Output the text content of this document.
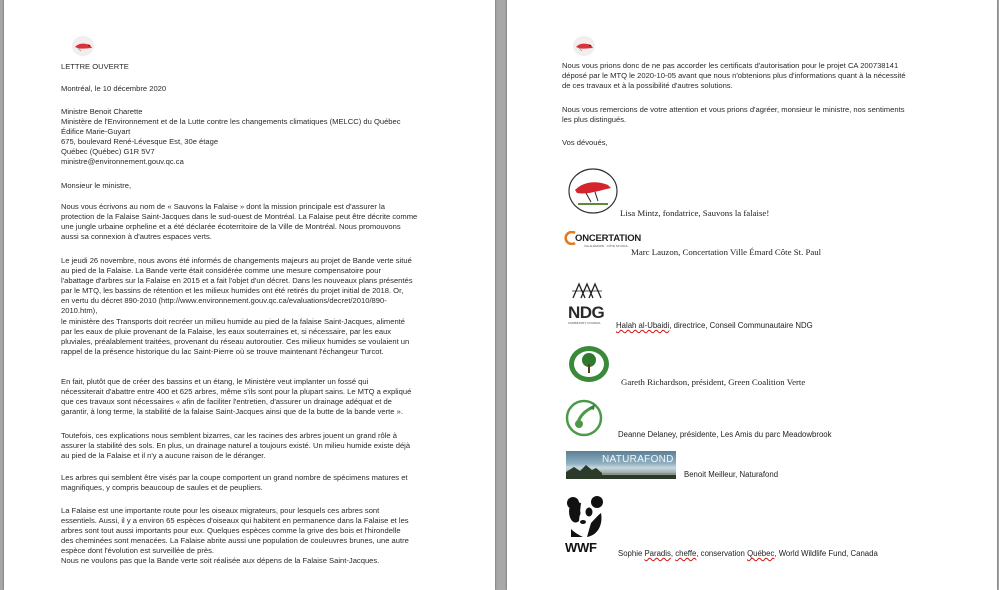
LETTRE OUVERTE
Montréal, le 10 décembre 2020
Ministre Benoit Charette
Ministère de l'Environnement et de la Lutte contre les changements climatiques (MELCC) du Québec
Édifice Marie-Guyart
675, boulevard René-Lévesque Est, 30e étage
Québec (Québec) G1R 5V7
ministre@environnement.gouv.qc.ca
Monsieur le ministre,
Nous vous écrivons au nom de « Sauvons la Falaise » dont la mission principale est d'assurer la
protection de la Falaise Saint-Jacques dans le sud-ouest de Montréal. La Falaise peut être décrite comme
une jungle urbaine orpheline et a été déclarée écoterritoire de la Ville de Montréal. Nous promouvons
aussi sa connexion à d'autres espaces verts.
Le jeudi 26 novembre, nous avons été informés de changements majeurs au projet de Bande verte situé
au pied de la Falaise. La Bande verte était considérée comme une mesure compensatoire pour
l'abattage d'arbres sur la Falaise en 2015 et a fait l'objet d'un décret. Dans les nouveaux plans présentés
par le MTQ, les bassins de rétention et les milieux humides ont été retirés du projet initial de 2018. Or,
en vertu du décret 890-2010 (http://www.environnement.gouv.qc.ca/evaluations/decret/2010/890-
2010.htm),
le ministère des Transports doit recréer un milieu humide au pied de la falaise Saint-Jacques, alimenté
par les eaux de pluie provenant de la Falaise, les eaux souterraines et, si nécessaire, par les eaux
pluviales, préalablement traitées, provenant du réseau autoroutier. Ces milieux humides se voulaient un
rappel de la présence historique du lac Saint-Pierre où se trouve maintenant l'échangeur Turcot.
En fait, plutôt que de créer des bassins et un étang, le Ministère veut implanter un fossé qui
nécessiterait d'abattre entre 400 et 625 arbres, même s'ils sont pour la plupart sains. Le MTQ a expliqué
que ces travaux sont nécessaires « afin de faciliter l'entretien, d'assurer un drainage adéquat et de
garantir, à long terme, la stabilité de la falaise Saint-Jacques ainsi que de la butte de la bande verte ».
Toutefois, ces explications nous semblent bizarres, car les racines des arbres jouent un grand rôle à
assurer la stabilité des sols. En plus, un drainage naturel a toujours existé. Un milieu humide existe déjà
au pied de la Falaise et il n'y a aucune raison de le déranger.
Les arbres qui semblent être visés par la coupe comportent un grand nombre de spécimens matures et
magnifiques, y compris beaucoup de saules et de peupliers.
La Falaise est une importante route pour les oiseaux migrateurs, pour lesquels ces arbres sont
essentiels. Aussi, il y a environ 65 espèces d'oiseaux qui habitent en permanence dans la Falaise et les
arbres sont tout aussi importants pour eux. Quelques espèces comme la grive des bois et l'hirondelle
des cheminées sont menacées. La Falaise abrite aussi une population de couleuvres brunes, une autre
espèce dont l'évolution est surveillée de près.
Nous ne voulons pas que la Bande verte soit réalisée aux dépens de la Falaise Saint-Jacques.
Nous vous prions donc de ne pas accorder les certificats d'autorisation pour le projet CA 200738141
déposé par le MTQ le 2020-10-05 avant que nous n'obtenions plus d'informations quant à la nécessité
de ces travaux et à la possibilité d'autres solutions.
Nous vous remercions de votre attention et vous prions d'agréer, monsieur le ministre, nos sentiments
les plus distingués.
Vos dévoués,
Lisa Mintz, fondatrice, Sauvons la falaise!
ONCERTATION
VILLE-ÉMARD · CÔTE ST-PAUL
Marc Lauzon, Concertation Ville Émard Côte St. Paul

NDG
COMMUNITY COUNCIL Halah al-Ubaidi, directrice, Conseil Communautaire NDG
Gareth Richardson, président, Green Coalition Verte
Deanne Delaney, présidente, Les Amis du parc Meadowbrook
NATURAFOND
Benoit Meilleur, Naturafond
WWF	Sophie Paradis, cheffe, conservation Québec, World Wildlife Fund, Canada
